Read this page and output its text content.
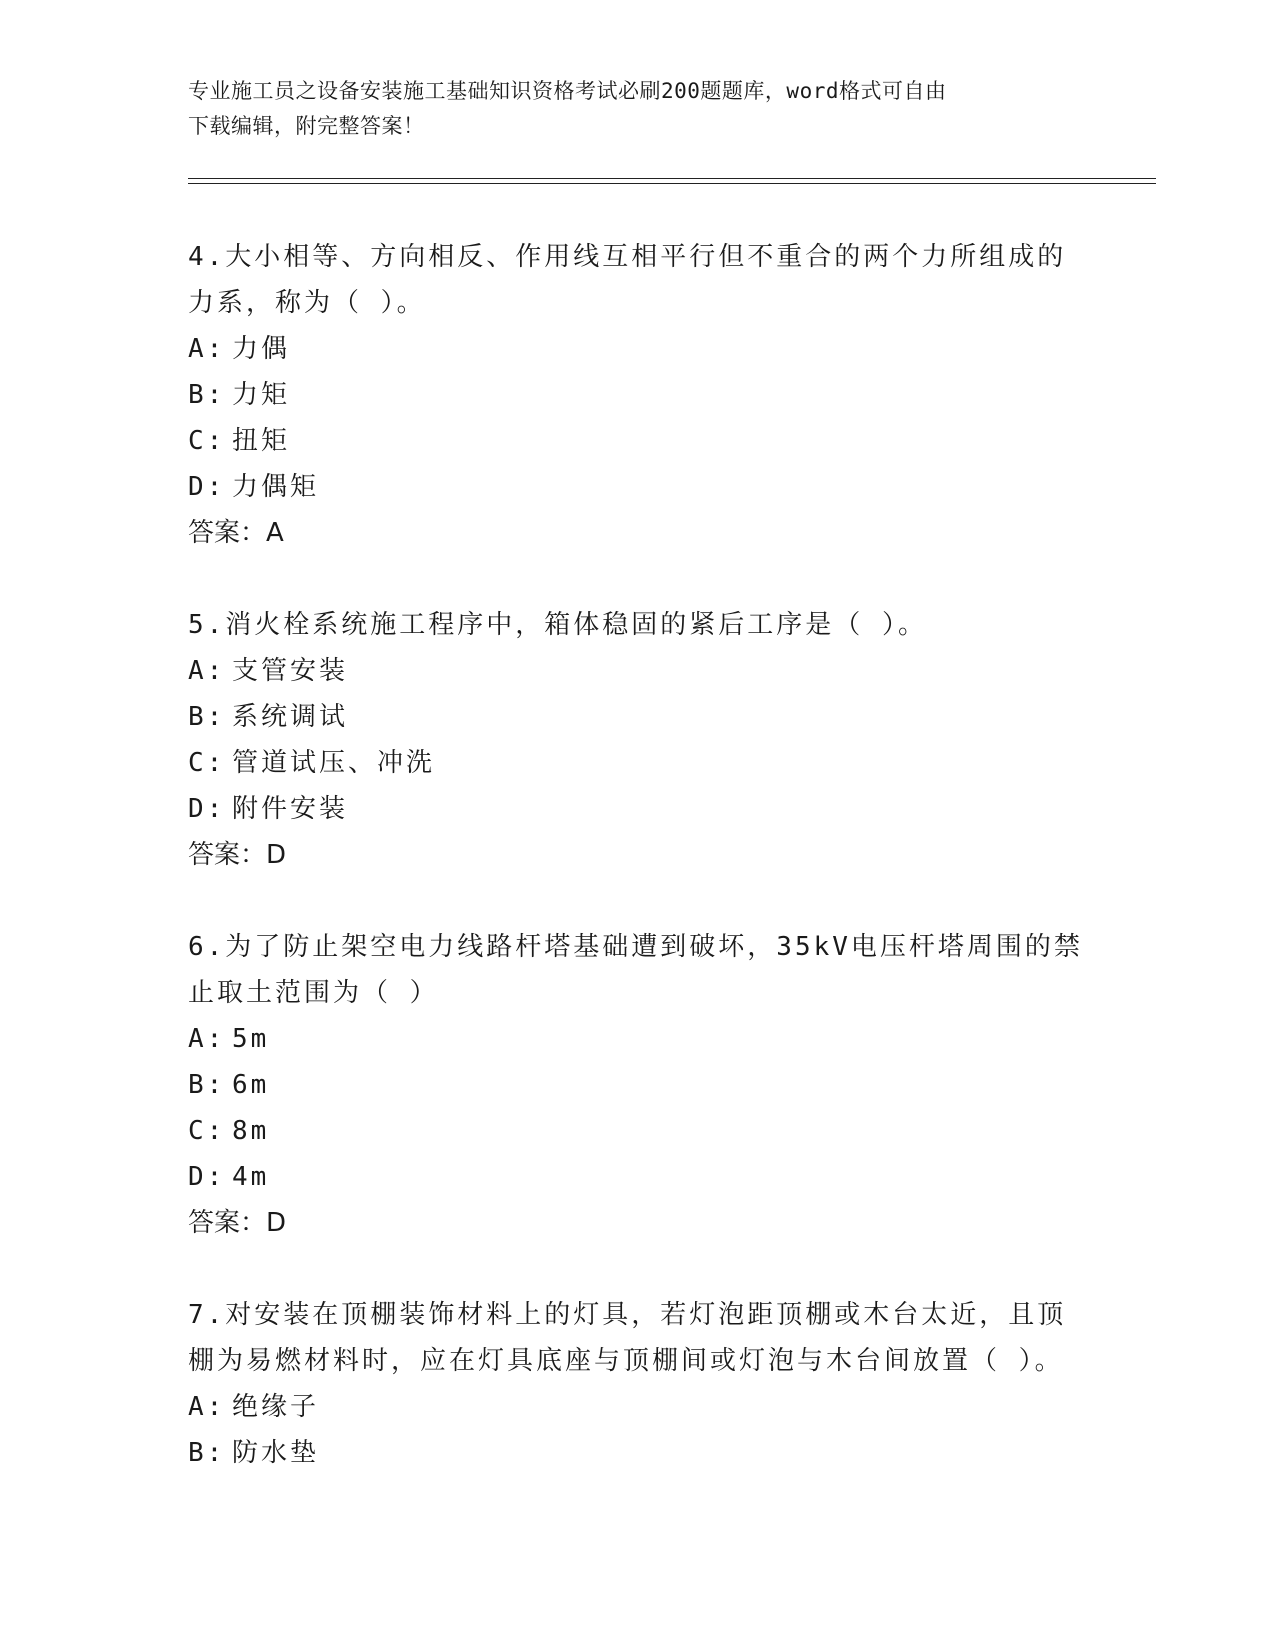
专业施工员之设备安装施工基础知识资格考试必刷200题题库，word格式可自由
下载编辑，附完整答案！

4.大小相等、方向相反、作用线互相平行但不重合的两个力所组成的

力系，称为（ ）。

A: 力偶

B: 力矩

C: 扭矩

D: 力偶矩

答案：A

5.消火栓系统施工程序中，箱体稳固的紧后工序是（ ）。

A: 支管安装

B: 系统调试

C: 管道试压、冲洗

D: 附件安装

答案：D

6.为了防止架空电力线路杆塔基础遭到破坏，35kV电压杆塔周围的禁

止取土范围为（ ）

A: 5m

B: 6m

C: 8m

D: 4m

答案：D

7.对安装在顶棚装饰材料上的灯具，若灯泡距顶棚或木台太近，且顶

棚为易燃材料时，应在灯具底座与顶棚间或灯泡与木台间放置（ ）。

A: 绝缘子

B: 防水垫
